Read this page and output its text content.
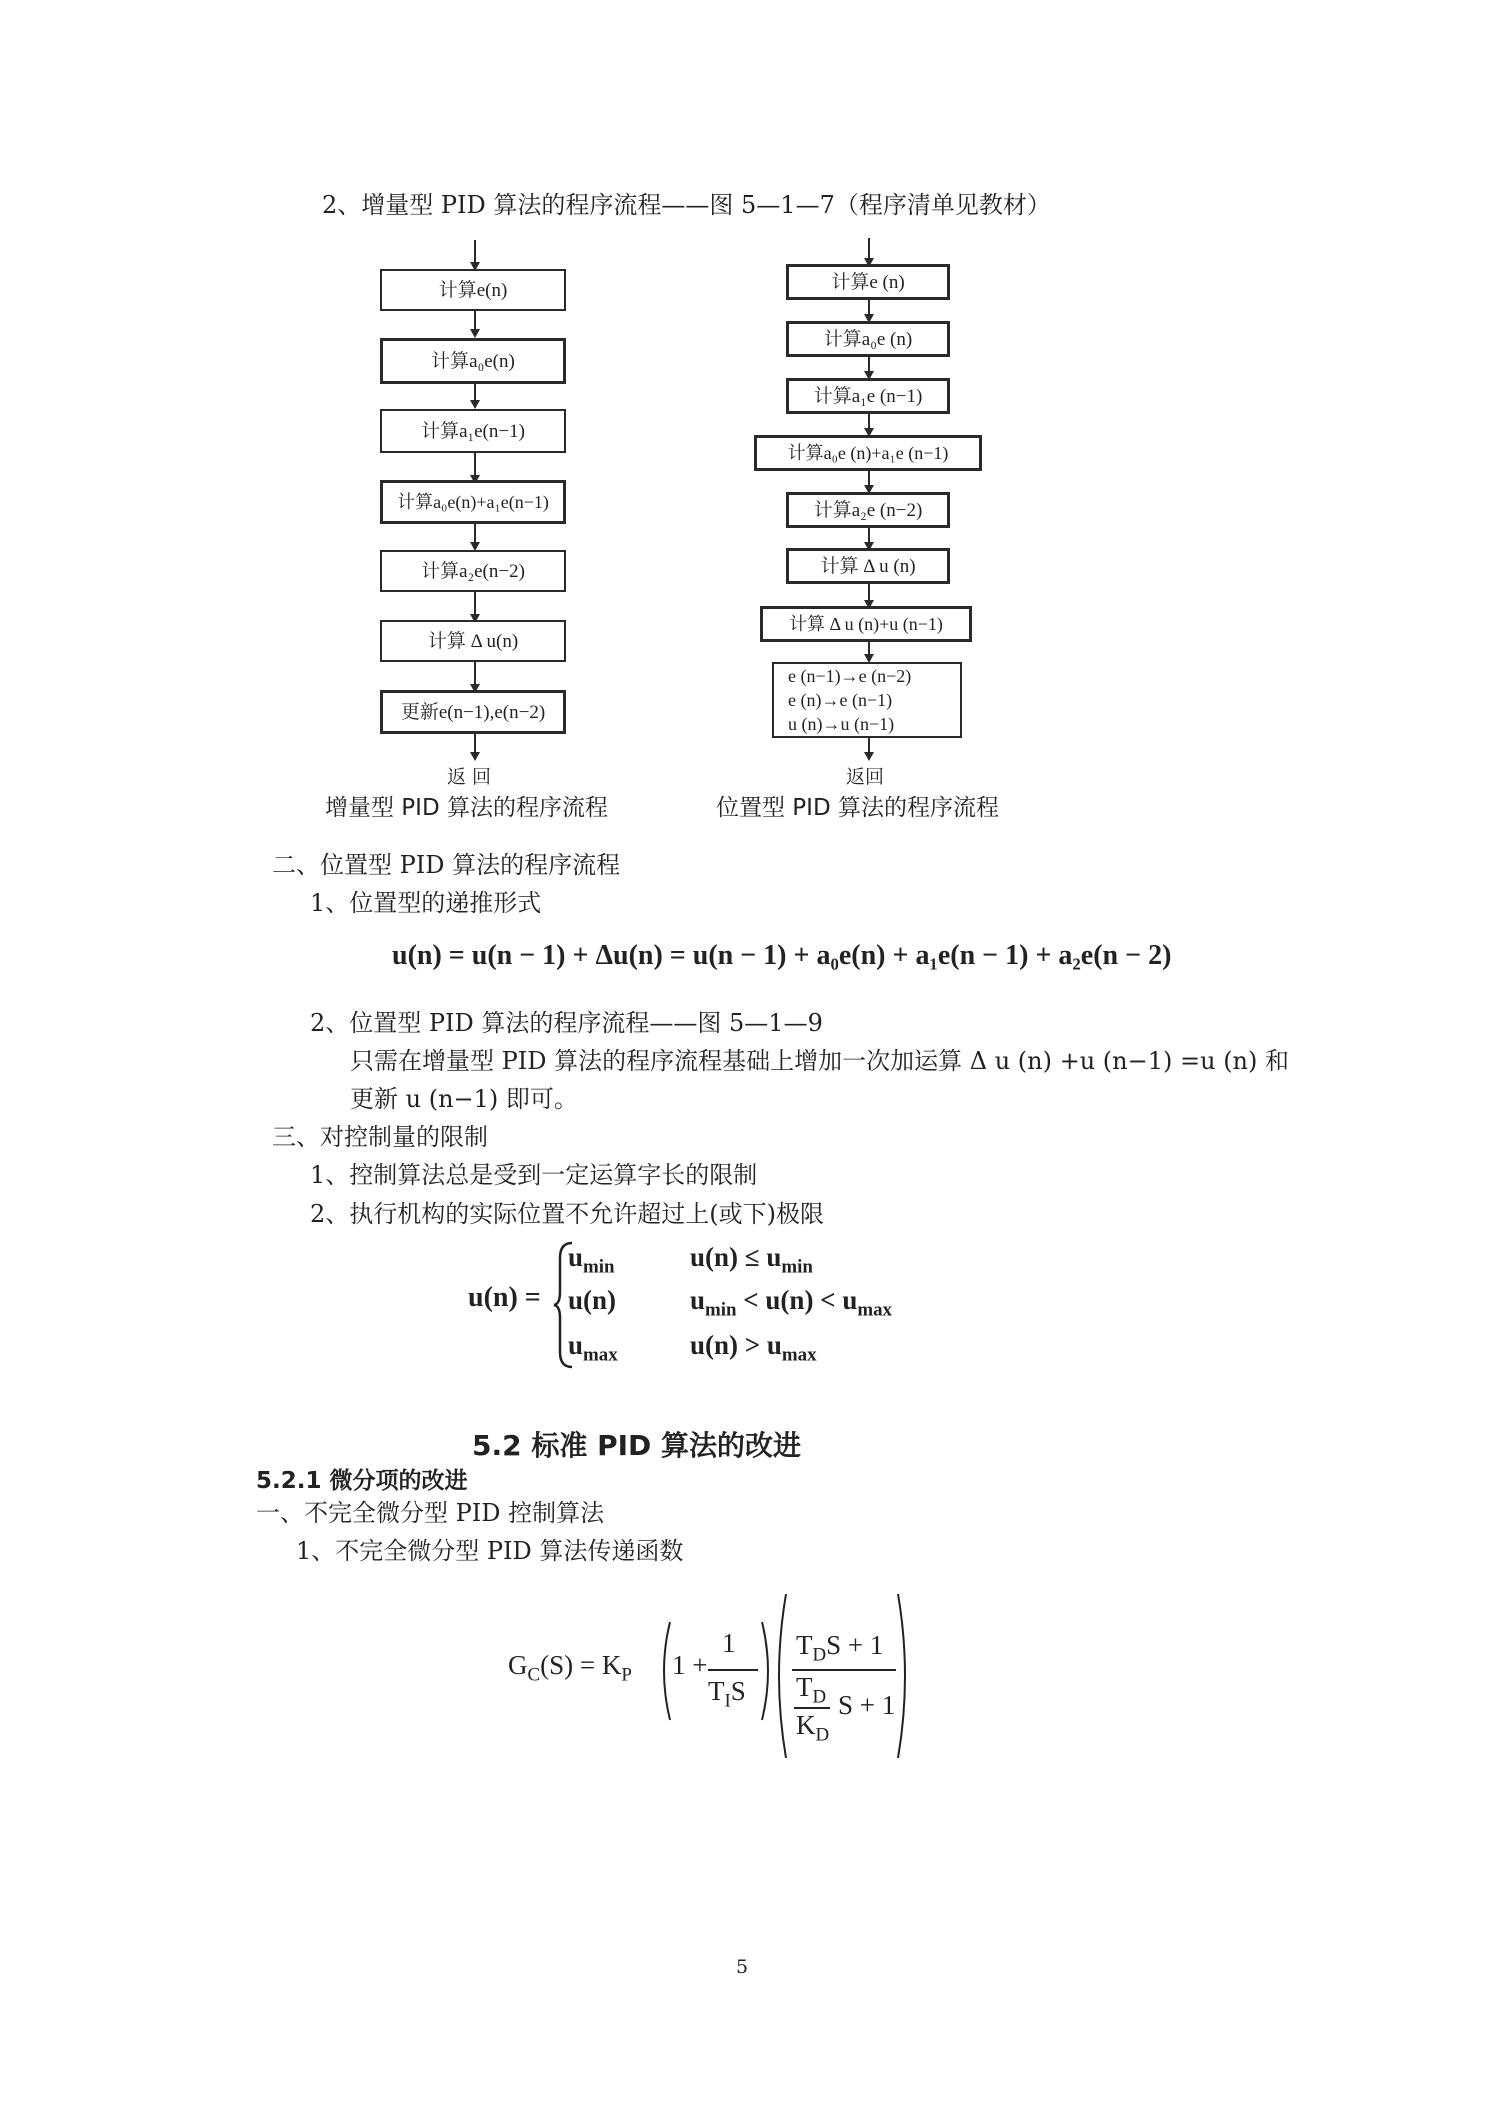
2、增量型 PID 算法的程序流程——图 5—1—7（程序清单见教材）
计算e(n)
计算a₀e(n)
计算a₁e(n−1)
计算a₀e(n)+a₁e(n−1)
计算a₂e(n−2)
计算 Δ u(n)
更新e(n−1),e(n−2)
返 回
增量型 PID 算法的程序流程
计算e (n)
计算a₀e (n)
计算a₁e (n−1)
计算a₀e (n)+a₁e (n−1)
计算a₂e (n−2)
计算 Δ u (n)
计算 Δ u (n)+u (n−1)
e (n−1)→e (n−2)
e (n)→e (n−1)
u (n)→u (n−1)
返回
位置型 PID 算法的程序流程
二、位置型 PID 算法的程序流程
1、位置型的递推形式
u(n) = u(n − 1) + Δu(n) = u(n − 1) + a₀e(n) + a₁e(n − 1) + a₂e(n − 2)
2、位置型 PID 算法的程序流程——图 5—1—9
只需在增量型 PID 算法的程序流程基础上增加一次加运算 Δ u (n) +u (n−1) =u (n) 和
更新 u (n−1) 即可。
三、对控制量的限制
1、控制算法总是受到一定运算字长的限制
2、执行机构的实际位置不允许超过上(或下)极限
u(n) =
$u_{min}$	$u(n) \le u_{min}$
u(n)	$u_{min} < u(n) < u_{max}$
$u_{max}$	$u(n) > u_{max}$
5.2 标准 PID 算法的改进
5.2.1 微分项的改进
一、不完全微分型 PID 控制算法
1、不完全微分型 PID 算法传递函数
$G_C(S) = K_P$ 1 +
1
$T_IS$
$T_DS + 1$
$T_D$
$K_D$
S + 1
5
